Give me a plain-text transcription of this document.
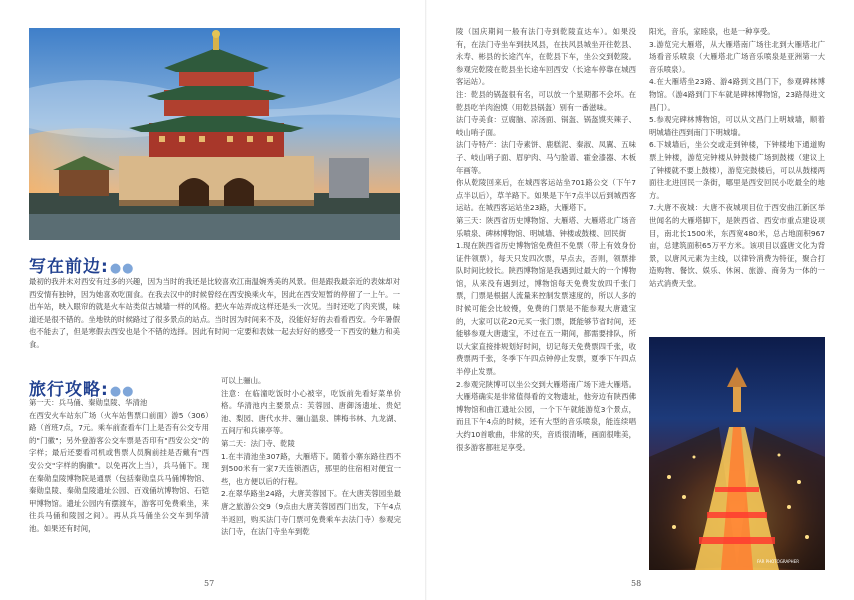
写在前边:●●

最初的我并未对西安有过多的兴趣，因为当时的我还是比较喜欢江南温婉秀美的风景。但是跟我最亲近的表妹却对西安情有独钟，因为她喜欢吃面食。在我去汉中的时候曾经在西安换乘火车，因此在西安短暂的停留了一上午。一出车站，映入眼帘的就是火车站类似古城墙一样的风格。把火车站弄成这样还是头一次见。当时还吃了肉夹馍，味道还是很不错的。坐地铁的时候路过了很多景点的站点。当时因为时间来不及，没能好好的去看看西安。今年暑假也不能去了，但是寒假去西安也是个不错的选择。因此有时间一定要和表妹一起去好好的感受一下西安的魅力和美食。

旅行攻略:●●

第一天：兵马俑、秦勋皇陵、华清池

在西安火车站东广场（火车站售票口前面）游5（306）路（首班7点，7元。乘车前查看车门上是否有公交专用的"门徽"；另外登游客公交车票是否印有"西安公交"的字样；最后还要看司机或售票人员胸前挂是否戴有"西安公交"字样的胸徽"。以免再次上当），兵马俑下。现在秦勋皇陵博物院是通票（包括秦勋皇兵马俑博物馆、秦勋皇陵、秦勋皇陵遗址公园、百戏俑坑博物馆、石铠甲博物馆。遗址公园内有摆渡车，游客可免费乘坐，来往兵马俑和陵园之间）。再从兵马俑坐公交车到华清池。如果还有时间，

可以上骊山。

注意：在临潼吃饭时小心被宰，吃饭前先看好菜单价格。华清池内主要景点：芙蓉园、唐御汤遗址、贵妃池、梨园、唐代水井、骊山温泉、牌梅书林、九龙湖、五间厅和兵谏亭等。

第二天：法门寺、乾陵

1.在丰清池坐307路，大雁塔下。随着小寨东路往西不到500米有一家7天连锁酒店，那里的住宿相对便宜一些，也方便以后的行程。

2.在翠华路坐24路，大唐芙蓉园下。在大唐芙蓉园坐最唐之旅游公交9（9点由大唐芙蓉园西门出发，下午4点半返回，购买法门寺门票可免费乘车去法门寺）参观完法门寺，在法门寺坐车到乾

57

陵（国庆期间一般有法门寺到乾陵直达车）。如果没有，在法门寺坐车到扶风县，在扶风县城坐开往乾县、永寿、彬县的长途汽车，在乾县下车，坐公交到乾陵。参观完乾陵在乾县坐长途车回西安（长途车停靠在城西客运站）。

注：乾县的锅盔很有名，可以放一个星期都不会坏。在乾县吃羊肉泡馍（用乾县锅盔）别有一番滋味。

法门寺美食：豆腐脑、凉汤面、锅盔、锅盔馍夹辣子、岐山哨子面。

法门寺特产：法门寺素饼、鹿糕泥、秦淑、凤翼、五味子、岐山哨子面、眉驴肉、马勺脸谱、霍金漆器、木板年画等。

你从乾陵回来后，在城西客运站坐701路公交（下午7点半以后），草羊路下。如果是下午7点半以后到城西客运站。在城西客运站坐23路，大雁塔下。

第三天：陕西省历史博物馆、大雁塔、大雁塔北广场音乐喷泉、碑林博物馆、明城墙、钟楼或鼓楼、回民街

1.现在陕西省历史博物馆免费但不免票（带上有效身份证件领票），每天只发四次票，早点去，否则，领票排队时间比较长。陕西博物馆是我遇到过最大的一个博物馆，从来没有遇到过，博物馆每天免费发放四千张门票，门票是根据人流量来控制发票速度的，所以人多的时候可能会比较慢，免费的门票是不能参观大唐遗宝的，大家可以花20元买一张门票，既能够节省时间，还能够参观大唐遗宝，不过在五一期间，都需要排队，所以大家直接排规划好时间，切记每天免费票四千张，收费票两千张，冬季下午四点钟停止发票，夏季下午四点半停止发票。

2.参观完陕博可以坐公交到大雁塔南广场下进大雁塔。大雁塔确实是非常值得看的文物遗址，他旁边有陕西佛博物馆和曲江遗址公园，一个下午就能游览3个景点，而且下午4点的时候，还有大型的音乐喷泉，能连续唱大约10首歌曲，非常的夹，音质很清晰，画面很唯美，很多游客都驻足享受。

阳光，音乐，家睦泉，也是一种享受。

3.游览完大雁塔，从大雁塔南广场往北到大雁塔北广场看音乐喷泉（大雁塔北广场音乐喷泉是亚洲第一大音乐喷泉）。

4.在大雁塔坐23路、游4路到文昌门下，参观碑林博物馆。（游4路到门下车就是碑林博物馆，23路得进文昌门）。

5.参观完碑林博物馆，可以从文昌门上明城墙，顺着明城墙往西到南门下明城墙。

6.下城墙后，坐公交或走到钟楼，下钟楼地下通道购票上钟楼，游览完钟楼从钟鼓楼广场到鼓楼（建议上了钟楼就不要上鼓楼），游览完鼓楼后，可以从鼓楼两面往北进回民一条街，哪里是西安回民小吃最全的地方。

7.大唐不夜城：大唐不夜城项目位于西安曲江新区举世闻名的大雁塔脚下，是陕西省、西安市重点建设项目，南北长1500米，东西宽480米，总占地面积967亩，总建筑面积65万平方米。该项目以盛唐文化为背景，以唐风元素为主线，以律铃消费为特征，聚合打造购物、餐饮、娱乐、休闲、旅游、商务为一体的一站式消费天堂。

FAR PHOTOGRAPHER
58
